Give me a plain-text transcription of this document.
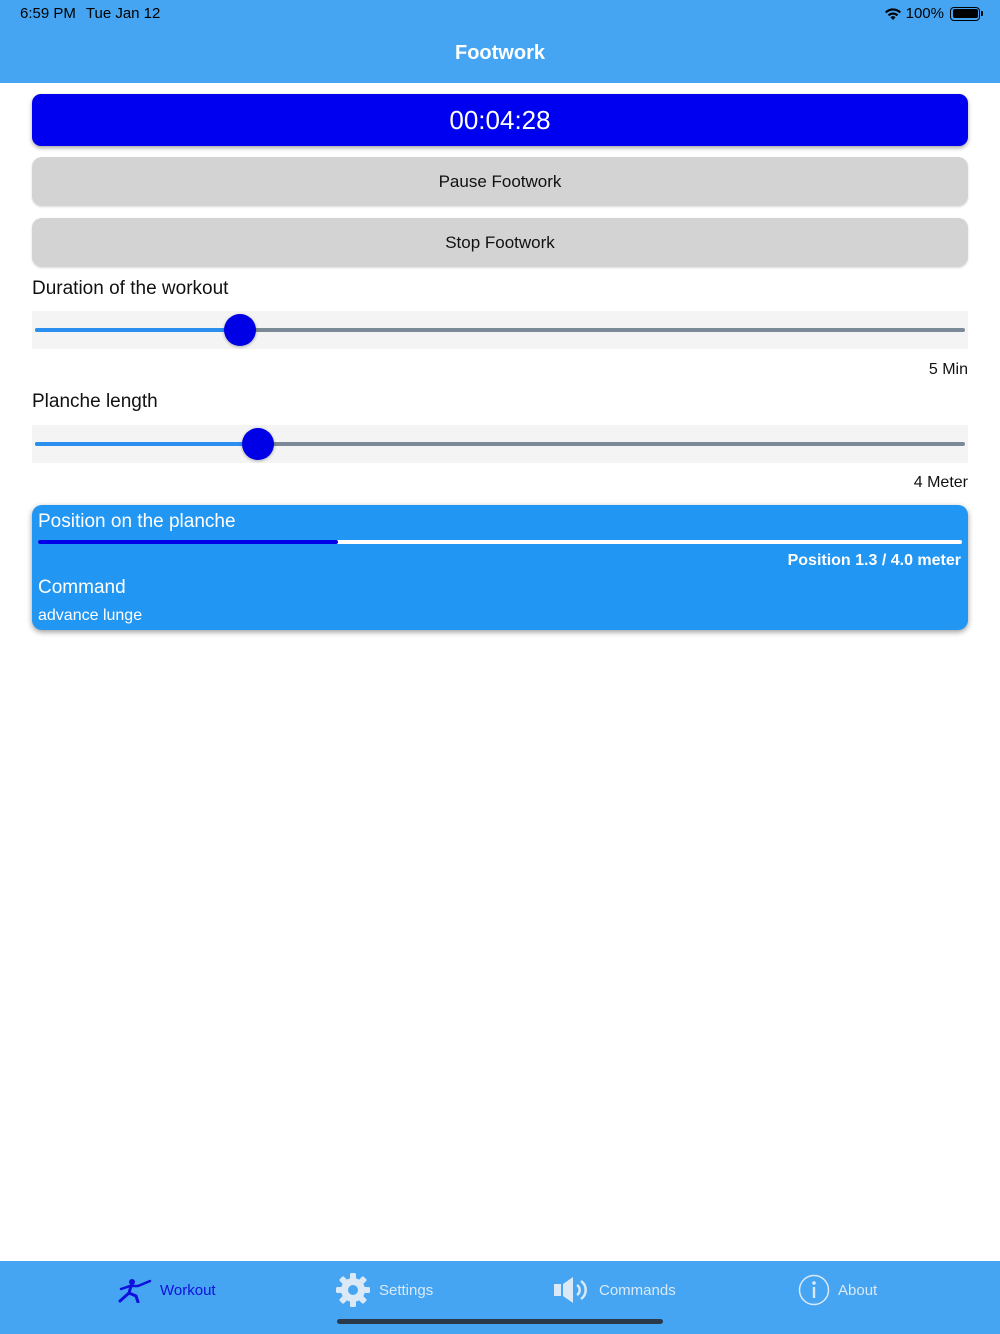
6:59 PM Tue Jan 12	100%
Footwork
00:04:28
Pause Footwork
Stop Footwork
Duration of the workout
5 Min
Planche length
4 Meter
Position on the planche
Position 1.3 / 4.0 meter
Command
advance lunge
Workout	Settings	Commands	About
